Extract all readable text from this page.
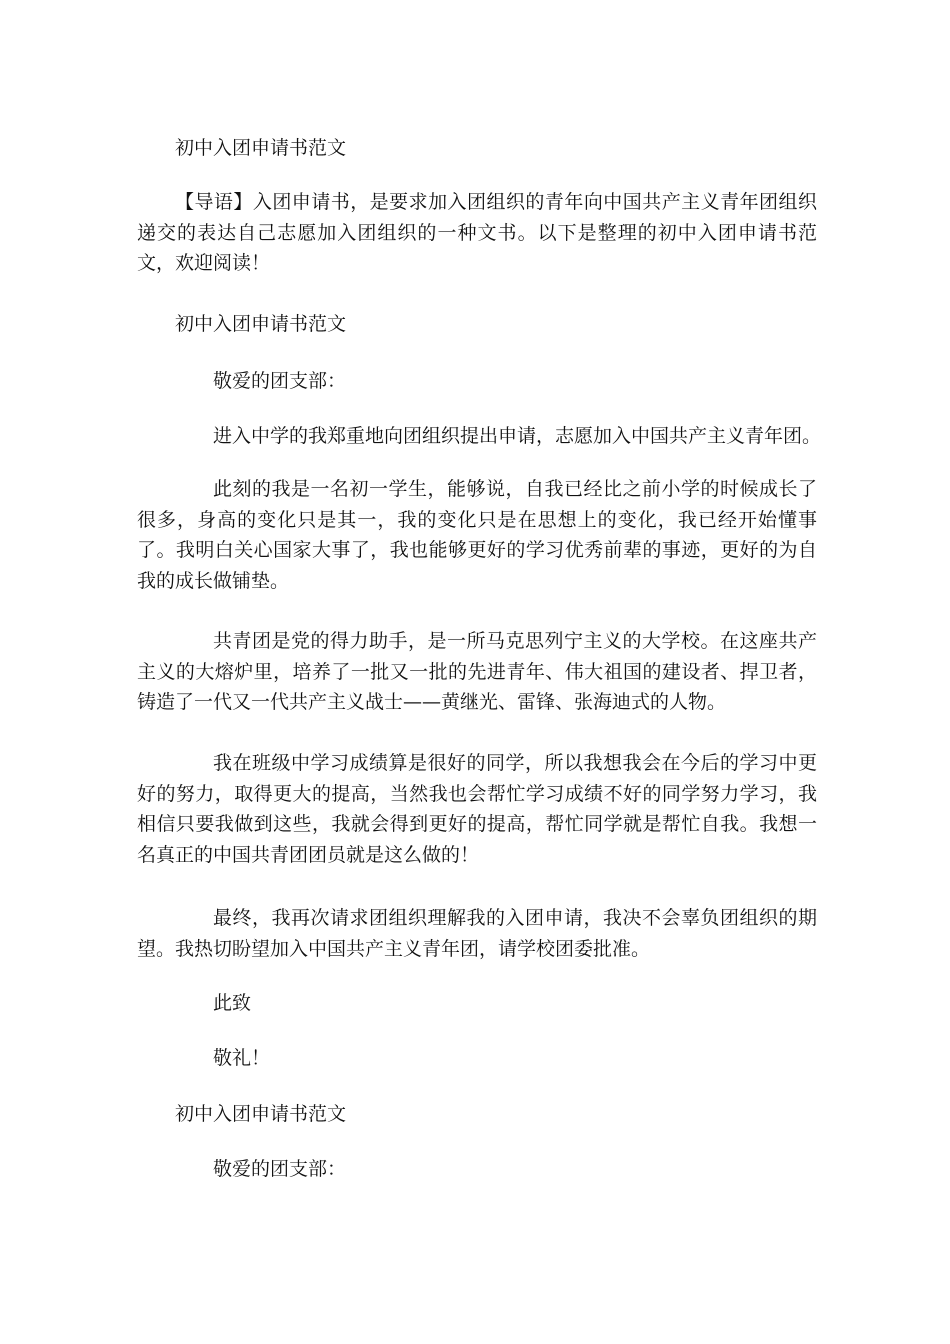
初中入团申请书范文

【导语】入团申请书，是要求加入团组织的青年向中国共产主义青年团组织递交的表达自己志愿加入团组织的一种文书。以下是整理的初中入团申请书范文，欢迎阅读！

初中入团申请书范文

敬爱的团支部：

进入中学的我郑重地向团组织提出申请，志愿加入中国共产主义青年团。

此刻的我是一名初一学生，能够说，自我已经比之前小学的时候成长了很多，身高的变化只是其一，我的变化只是在思想上的变化，我已经开始懂事了。我明白关心国家大事了，我也能够更好的学习优秀前辈的事迹，更好的为自我的成长做铺垫。

共青团是党的得力助手，是一所马克思列宁主义的大学校。在这座共产主义的大熔炉里，培养了一批又一批的先进青年、伟大祖国的建设者、捍卫者，铸造了一代又一代共产主义战士——黄继光、雷锋、张海迪式的人物。

我在班级中学习成绩算是很好的同学，所以我想我会在今后的学习中更好的努力，取得更大的提高，当然我也会帮忙学习成绩不好的同学努力学习，我相信只要我做到这些，我就会得到更好的提高，帮忙同学就是帮忙自我。我想一名真正的中国共青团团员就是这么做的！

最终，我再次请求团组织理解我的入团申请，我决不会辜负团组织的期望。我热切盼望加入中国共产主义青年团，请学校团委批准。

此致

敬礼！

初中入团申请书范文

敬爱的团支部：
